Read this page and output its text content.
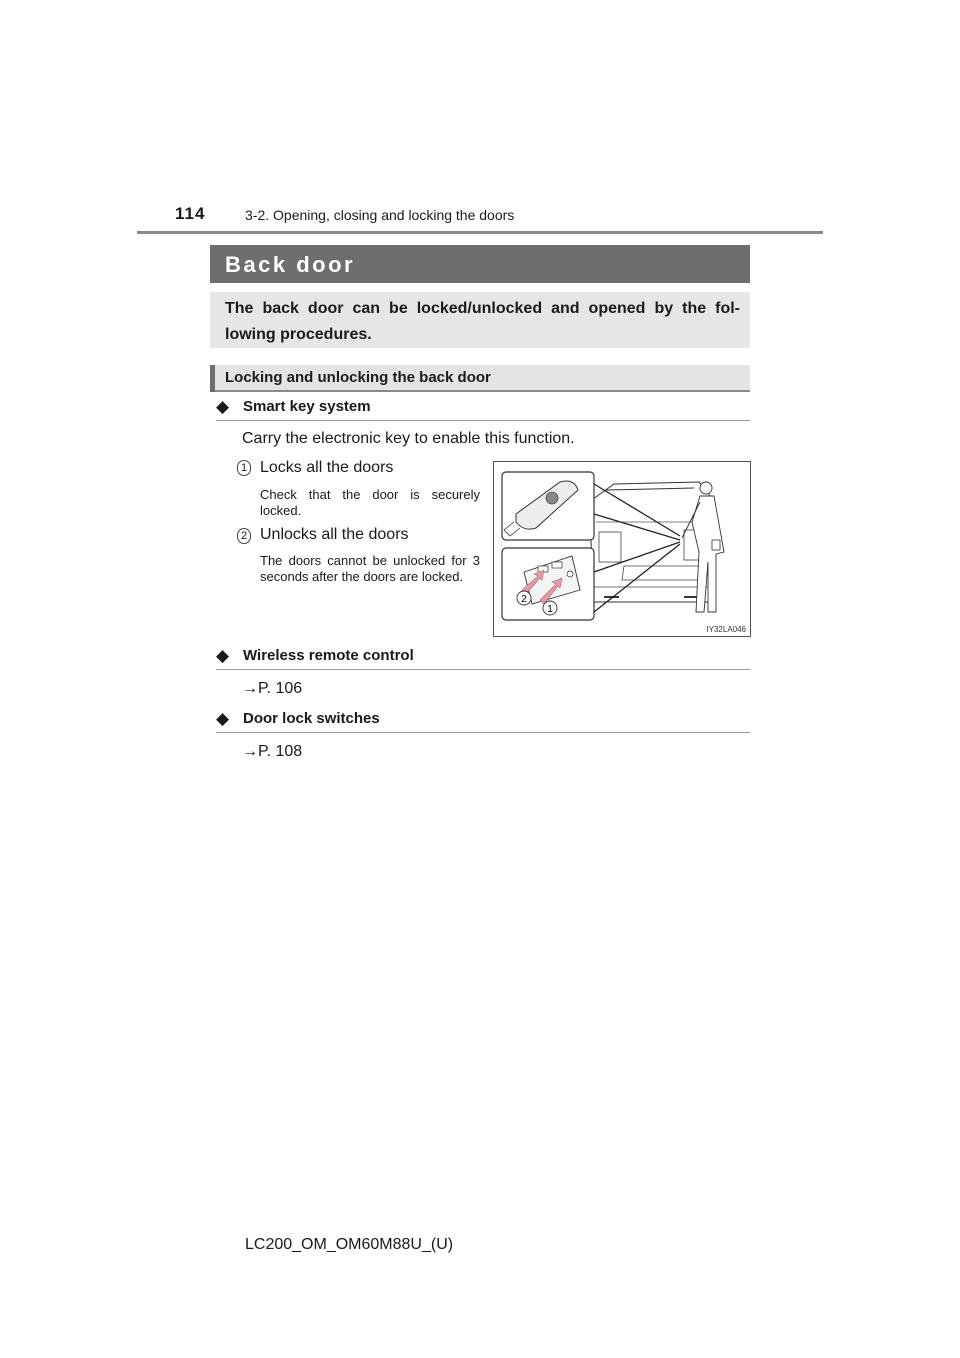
114	3-2. Opening, closing and locking the doors
Back door
The back door can be locked/unlocked and opened by the fol-lowing procedures.
Locking and unlocking the back door
◆ Smart key system
Carry the electronic key to enable this function.
1 Locks all the doors
Check that the door is securely locked.
2 Unlocks all the doors
The doors cannot be unlocked for 3 seconds after the doors are locked.
2
1
IY32LA046
◆ Wireless remote control
→P. 106
◆ Door lock switches
→P. 108
LC200_OM_OM60M88U_(U)
